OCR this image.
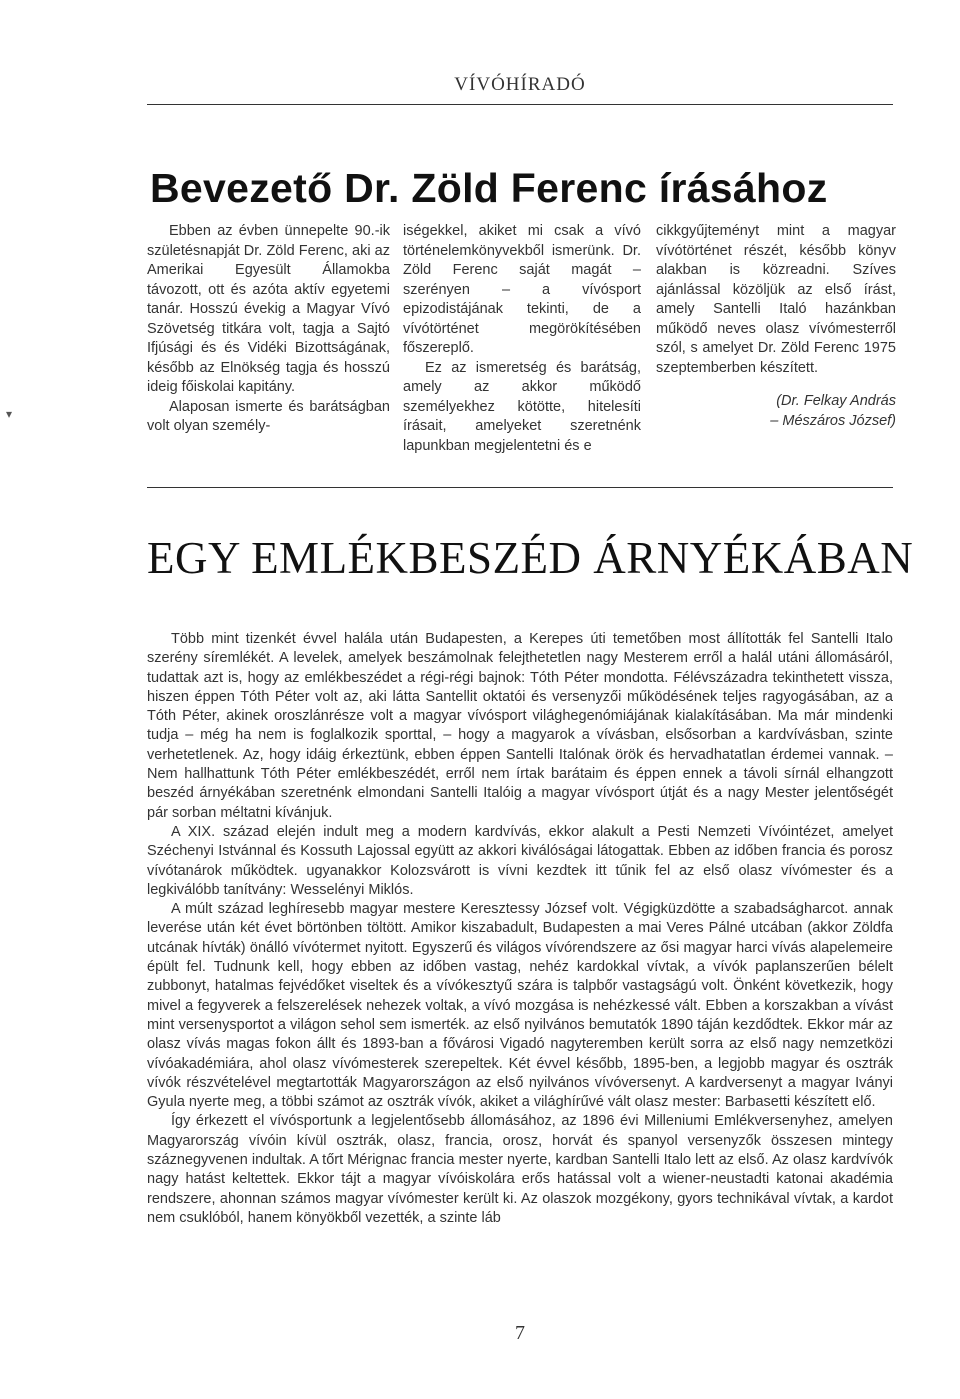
VÍVÓHÍRADÓ
Bevezető Dr. Zöld Ferenc írásához

Ebben az évben ünnepelte 90.-ik születésnapját Dr. Zöld Ferenc, aki az Amerikai Egyesült Államokba távozott, ott és azóta aktív egyetemi tanár. Hosszú évekig a Magyar Vívó Szövetség titkára volt, tagja a Sajtó Ifjúsági és és Vidéki Bizottságának, később az Elnökség tagja és hosszú ideig főiskolai kapitány.

Alaposan ismerte és barátságban volt olyan személy-

iségekkel, akiket mi csak a vívó történelemkönyvekből ismerünk. Dr. Zöld Ferenc saját magát – szerényen – a vívósport epizodistájának tekinti, de a vívótörténet megörökítésében főszereplő.

Ez az ismeretség és barátság, amely az akkor működő személyekhez kötötte, hitelesíti írásait, amelyeket szeretnénk lapunkban megjelentetni és e

cikkgyűjteményt mint a magyar vívótörténet részét, később könyv alakban is közreadni. Szíves ajánlással közöljük az első írást, amely Santelli Italó hazánkban működő neves olasz vívómesterről szól, s amelyet Dr. Zöld Ferenc 1975 szeptemberben készített.

(Dr. Felkay András
– Mészáros József)

EGY EMLÉKBESZÉD ÁRNYÉKÁBAN

Több mint tizenkét évvel halála után Budapesten, a Kerepes úti temetőben most állították fel Santelli Italo szerény síremlékét. A levelek, amelyek beszámolnak felejthetetlen nagy Mesterem erről a halál utáni állomásáról, tudattak azt is, hogy az emlékbeszédet a régi-régi bajnok: Tóth Péter mondotta. Félévszázadra tekinthetett vissza, hiszen éppen Tóth Péter volt az, aki látta Santellit oktatói és versenyzői működésének teljes ragyogásában, az a Tóth Péter, akinek oroszlánrésze volt a magyar vívósport világhegenómiájának kialakításában. Ma már mindenki tudja – még ha nem is foglalkozik sporttal, – hogy a magyarok a vívásban, elsősorban a kardvívásban, szinte verhetetlenek. Az, hogy idáig érkeztünk, ebben éppen Santelli Italónak örök és hervadhatatlan érdemei vannak. – Nem hallhattunk Tóth Péter emlékbeszédét, erről nem írtak barátaim és éppen ennek a távoli sírnál elhangzott beszéd árnyékában szeretnénk elmondani Santelli Italóig a magyar vívósport útját és a nagy Mester jelentőségét pár sorban méltatni kívánjuk.

A XIX. század elején indult meg a modern kardvívás, ekkor alakult a Pesti Nemzeti Vívóintézet, amelyet Széchenyi Istvánnal és Kossuth Lajossal együtt az akkori kiválóságai látogattak. Ebben az időben francia és porosz vívótanárok működtek. ugyanakkor Kolozsvárott is vívni kezdtek itt tűnik fel az első olasz vívómester és a legkiválóbb tanítvány: Wesselényi Miklós.

A múlt század leghíresebb magyar mestere Keresztessy József volt. Végigküzdötte a szabadságharcot. annak leverése után két évet börtönben töltött. Amikor kiszabadult, Budapesten a mai Veres Pálné utcában (akkor Zöldfa utcának hívták) önálló vívótermet nyitott. Egyszerű és világos vívórendszere az ősi magyar harci vívás alapelemeire épült fel. Tudnunk kell, hogy ebben az időben vastag, nehéz kardokkal vívtak, a vívók paplanszerűen bélelt zubbonyt, hatalmas fejvédőket viseltek és a vívókesztyű szára is talpbőr vastagságú volt. Önként következik, hogy mivel a fegyverek a felszerelések nehezek voltak, a vívó mozgása is nehézkessé vált. Ebben a korszakban a vívást mint versenysportot a világon sehol sem ismerték. az első nyilvános bemutatók 1890 táján kezdődtek. Ekkor már az olasz vívás magas fokon állt és 1893-ban a fővárosi Vigadó nagyteremben került sorra az első nagy nemzetközi vívóakadémiára, ahol olasz vívómesterek szerepeltek. Két évvel később, 1895-ben, a legjobb magyar és osztrák vívók részvételével megtartották Magyarországon az első nyilvános vívóversenyt. A kardversenyt a magyar Iványi Gyula nyerte meg, a többi számot az osztrák vívók, akiket a világhírűvé vált olasz mester: Barbasetti készített elő.

Így érkezett el vívósportunk a legjelentősebb állomásához, az 1896 évi Milleniumi Emlékversenyhez, amelyen Magyarország vívóin kívül osztrák, olasz, francia, orosz, horvát és spanyol versenyzők összesen mintegy száznegyvenen indultak. A tőrt Mérignac francia mester nyerte, kardban Santelli Italo lett az első. Az olasz kardvívók nagy hatást keltettek. Ekkor tájt a magyar vívóiskolára erős hatással volt a wiener-neustadti katonai akadémia rendszere, ahonnan számos magyar vívómester került ki. Az olaszok mozgékony, gyors technikával vívtak, a kardot nem csuklóból, hanem könyökből vezették, a szinte láb

7
▾
